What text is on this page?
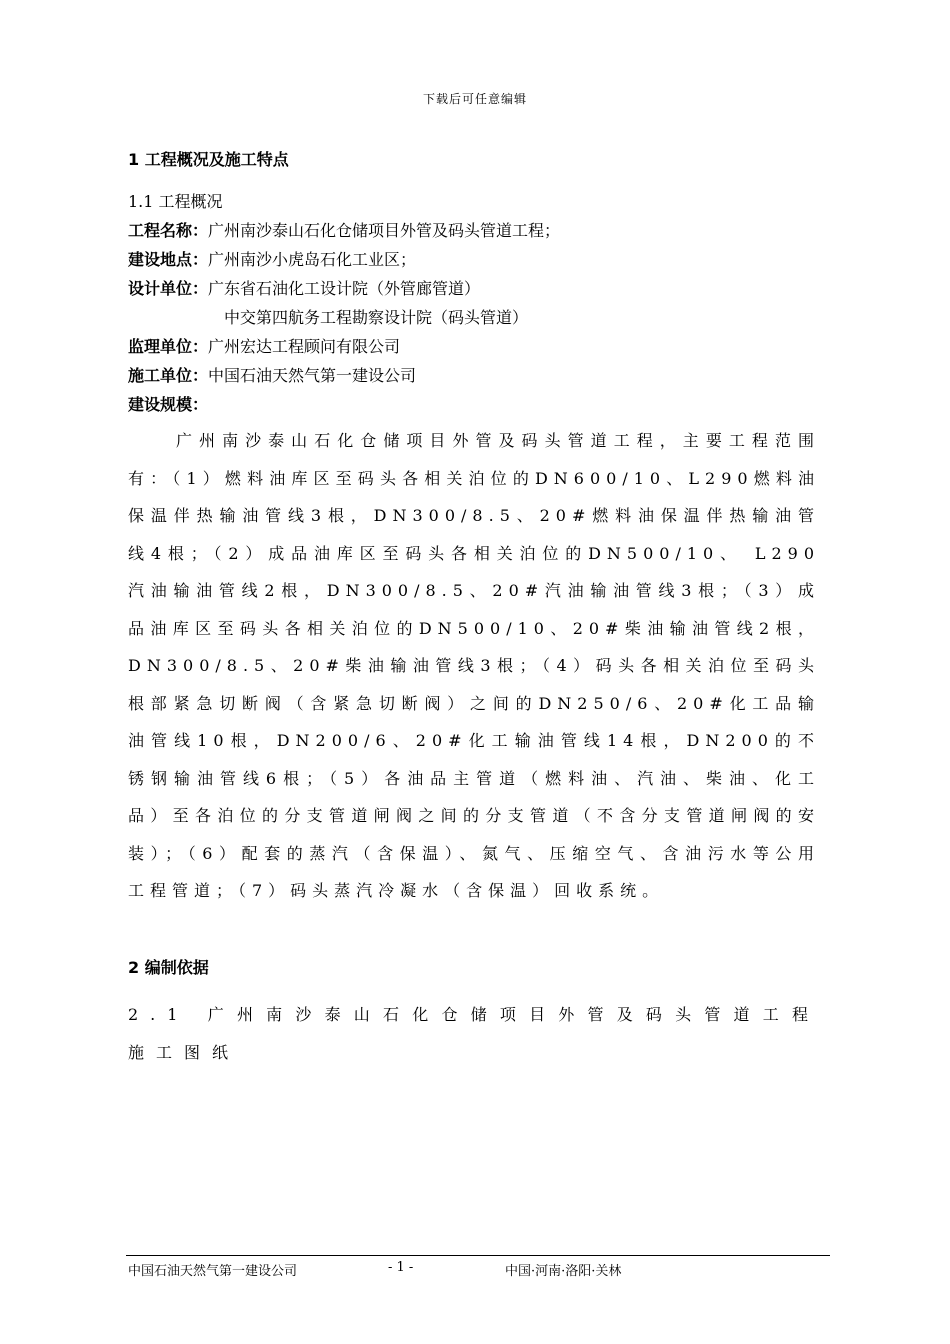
下载后可任意编辑
1 工程概况及施工特点
1.1 工程概况
工程名称：广州南沙泰山石化仓储项目外管及码头管道工程；
建设地点：广州南沙小虎岛石化工业区；
设计单位：广东省石油化工设计院（外管廊管道）
中交第四航务工程勘察设计院（码头管道）
监理单位：广州宏达工程顾问有限公司
施工单位：中国石油天然气第一建设公司
建设规模：
广州南沙泰山石化仓储项目外管及码头管道工程，主要工程范围有：（1）燃料油库区至码头各相关泊位的DN600/10、L290燃料油保温伴热输油管线3根，DN300/8.5、20#燃料油保温伴热输油管线4根；（2）成品油库区至码头各相关泊位的DN500/10、 L290汽油输油管线2根，DN300/8.5、20#汽油输油管线3根；（3）成品油库区至码头各相关泊位的DN500/10、20#柴油输油管线2根，DN300/8.5、20#柴油输油管线3根；（4）码头各相关泊位至码头根部紧急切断阀（含紧急切断阀）之间的DN250/6、20#化工品输油管线10根，DN200/6、20#化工输油管线14根，DN200的不锈钢输油管线6根；（5）各油品主管道（燃料油、汽油、柴油、化工品）至各泊位的分支管道闸阀之间的分支管道（不含分支管道闸阀的安装）；（6）配套的蒸汽（含保温）、氮气、压缩空气、含油污水等公用工程管道；（7）码头蒸汽冷凝水（含保温）回收系统。
2 编制依据
2.1 广州南沙泰山石化仓储项目外管及码头管道工程施工图纸
中国石油天然气第一建设公司	- 1 -	中国·河南·洛阳·关林
